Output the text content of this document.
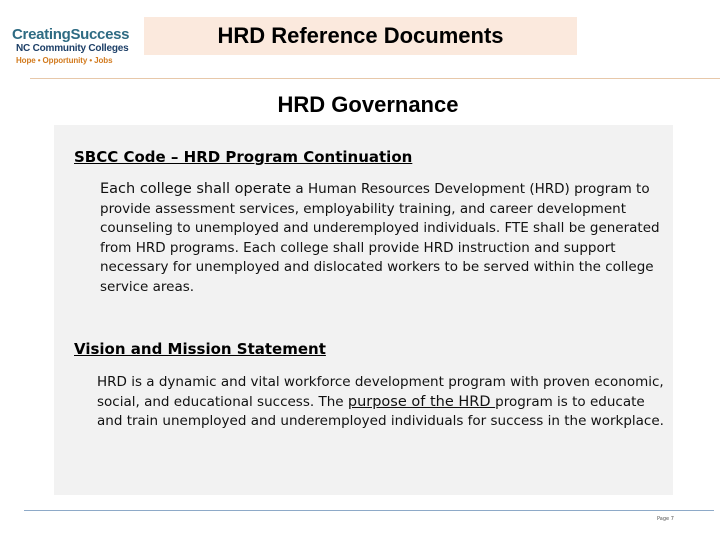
CreatingSuccess
NC Community Colleges
Hope • Opportunity • Jobs
HRD Reference Documents
HRD Governance
SBCC Code – HRD Program Continuation
Each college shall operate a Human Resources Development (HRD) program to provide assessment services, employability training, and career development counseling to unemployed and underemployed individuals. FTE shall be generated from HRD programs. Each college shall provide HRD instruction and support necessary for unemployed and dislocated workers to be served within the college service areas.
Vision and Mission Statement
HRD is a dynamic and vital workforce development program with proven economic, social, and educational success. The purpose of the HRD program is to educate and train unemployed and underemployed individuals for success in the workplace.
Page 7
